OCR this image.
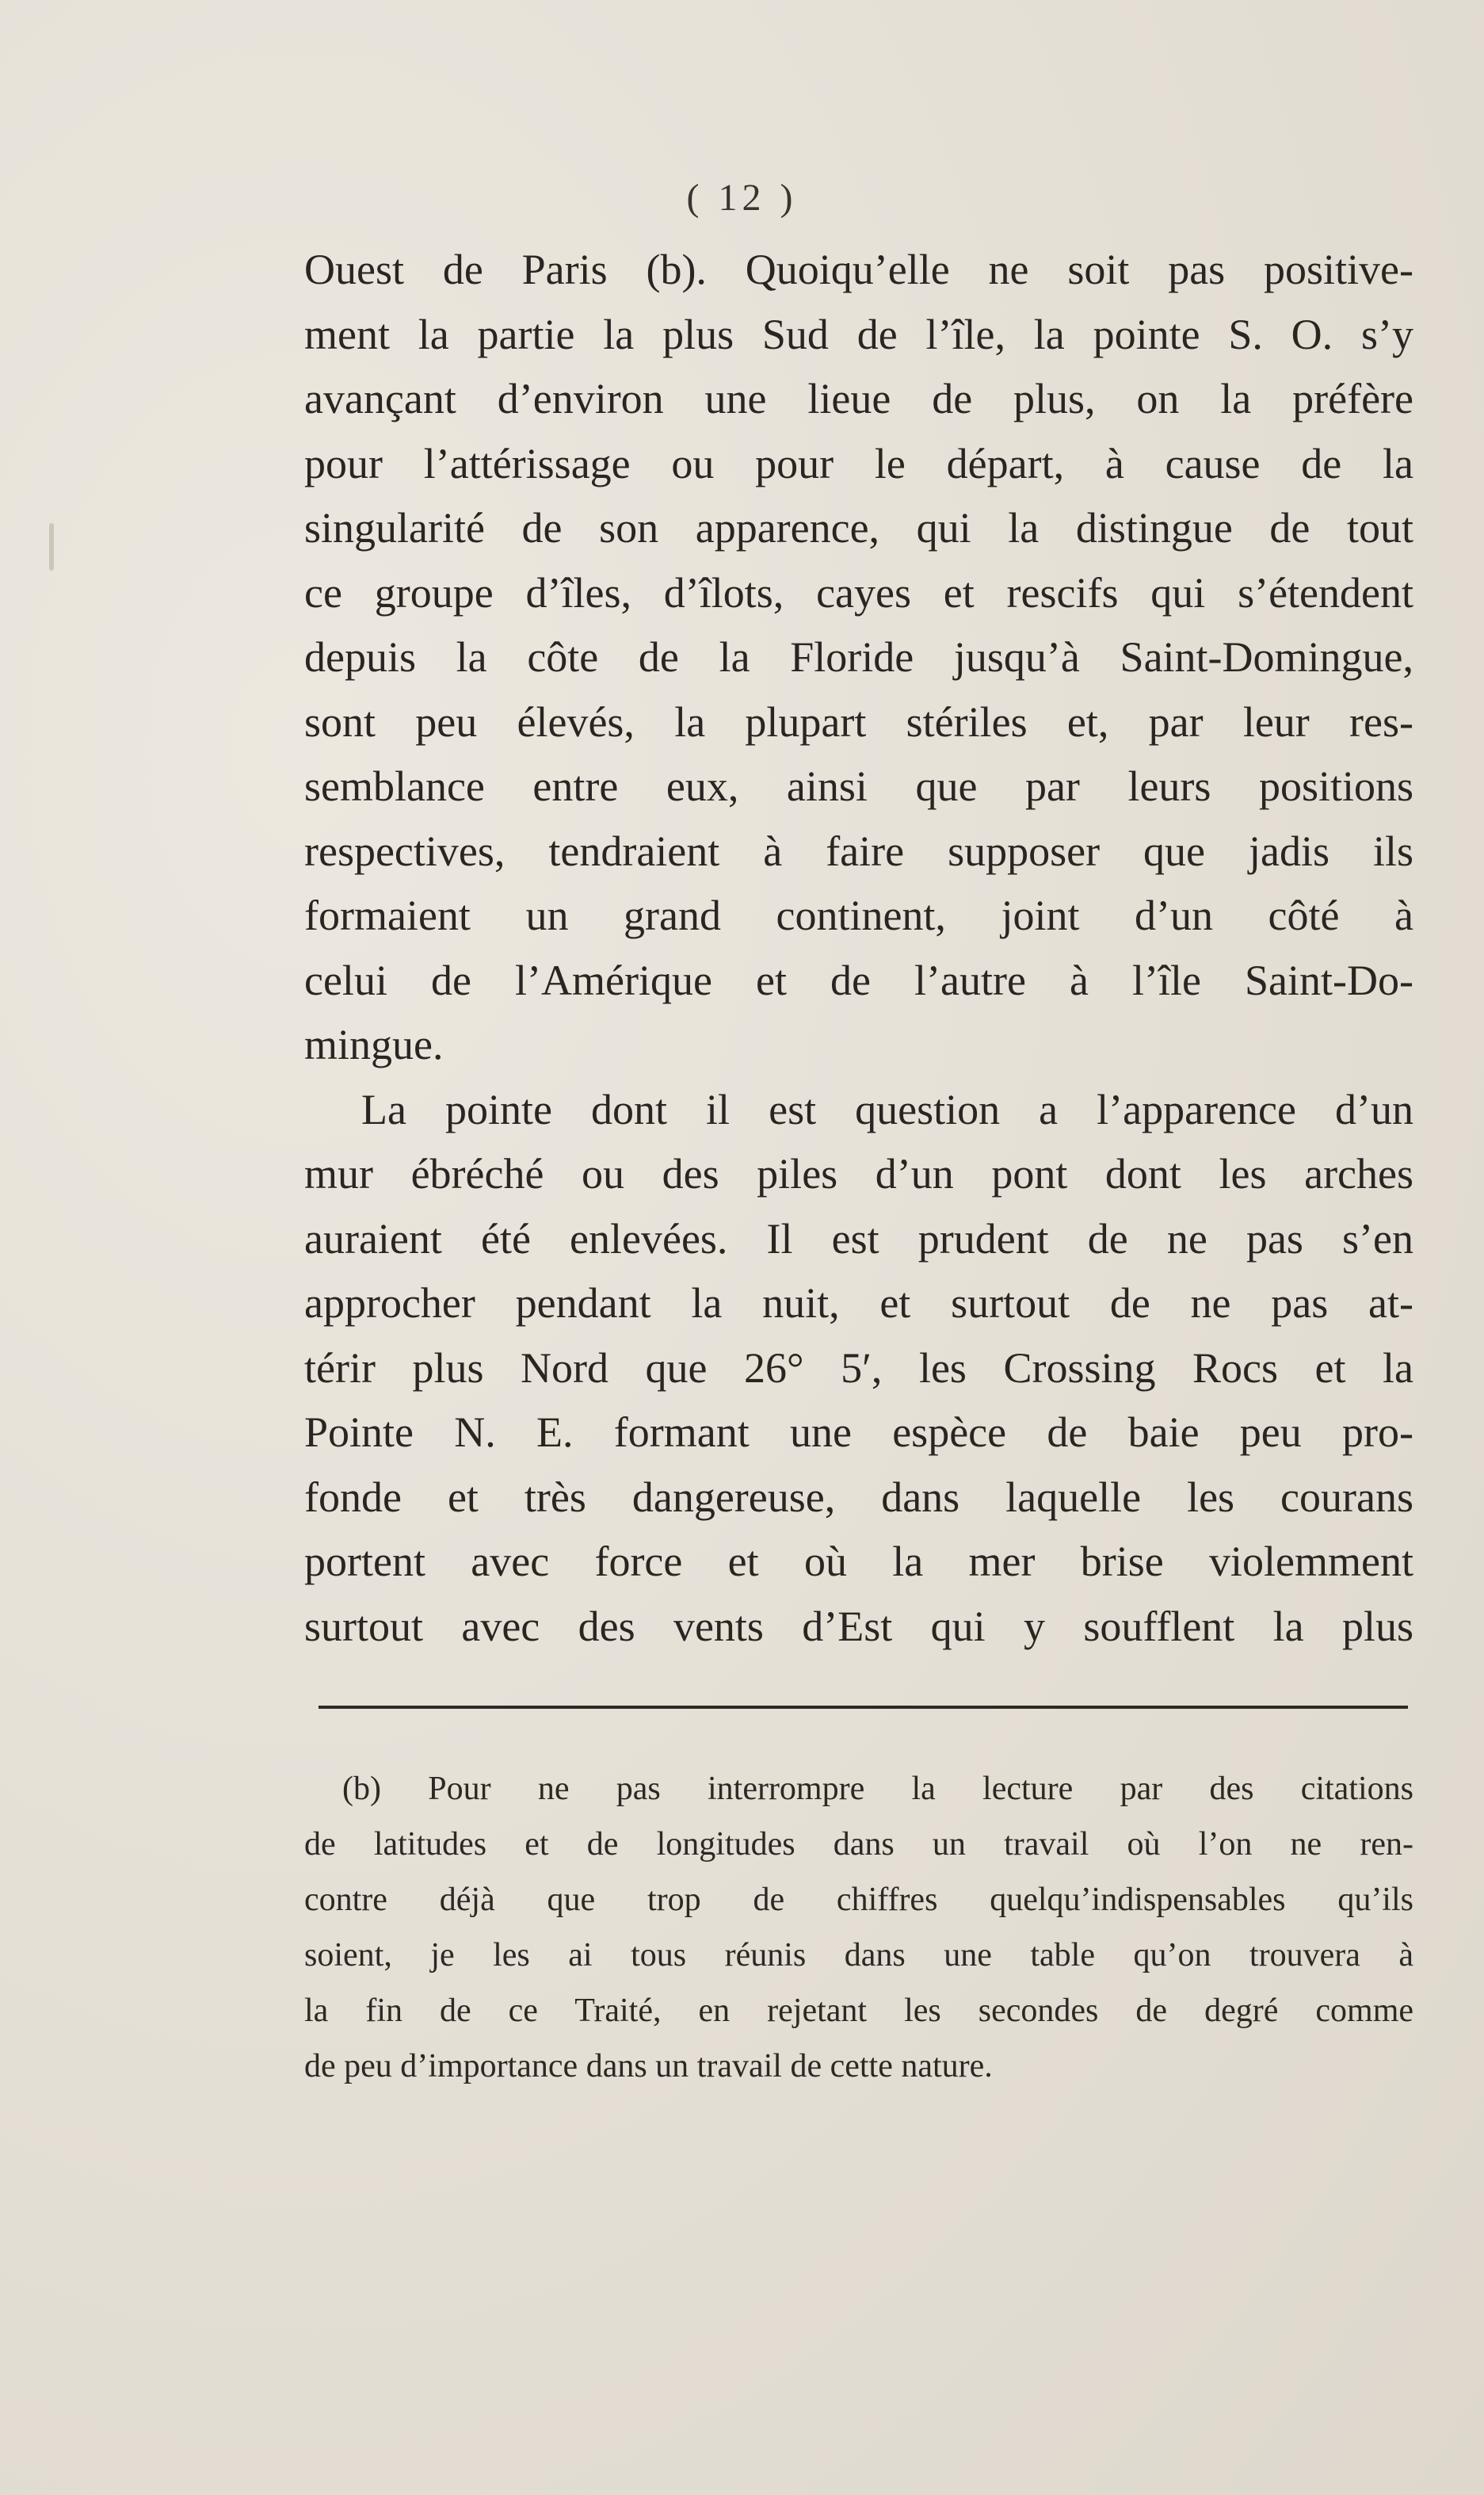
( 12 )
Ouest de Paris (b). Quoiqu’elle ne soit pas positive-
ment la partie la plus Sud de l’île, la pointe S. O. s’y
avançant d’environ une lieue de plus, on la préfère
pour l’attérissage ou pour le départ, à cause de la
singularité de son apparence, qui la distingue de tout
ce groupe d’îles, d’îlots, cayes et rescifs qui s’étendent
depuis la côte de la Floride jusqu’à Saint-Domingue,
sont peu élevés, la plupart stériles et, par leur res-
semblance entre eux, ainsi que par leurs positions
respectives, tendraient à faire supposer que jadis ils
formaient un grand continent, joint d’un côté à
celui de l’Amérique et de l’autre à l’île Saint-Do-
mingue.
La pointe dont il est question a l’apparence d’un
mur ébréché ou des piles d’un pont dont les arches
auraient été enlevées. Il est prudent de ne pas s’en
approcher pendant la nuit, et surtout de ne pas at-
térir plus Nord que 26° 5′, les Crossing Rocs et la
Pointe N. E. formant une espèce de baie peu pro-
fonde et très dangereuse, dans laquelle les courans
portent avec force et où la mer brise violemment
surtout avec des vents d’Est qui y soufflent la plus
(b) Pour ne pas interrompre la lecture par des citations
de latitudes et de longitudes dans un travail où l’on ne ren-
contre déjà que trop de chiffres quelqu’indispensables qu’ils
soient, je les ai tous réunis dans une table qu’on trouvera à
la fin de ce Traité, en rejetant les secondes de degré comme
de peu d’importance dans un travail de cette nature.
